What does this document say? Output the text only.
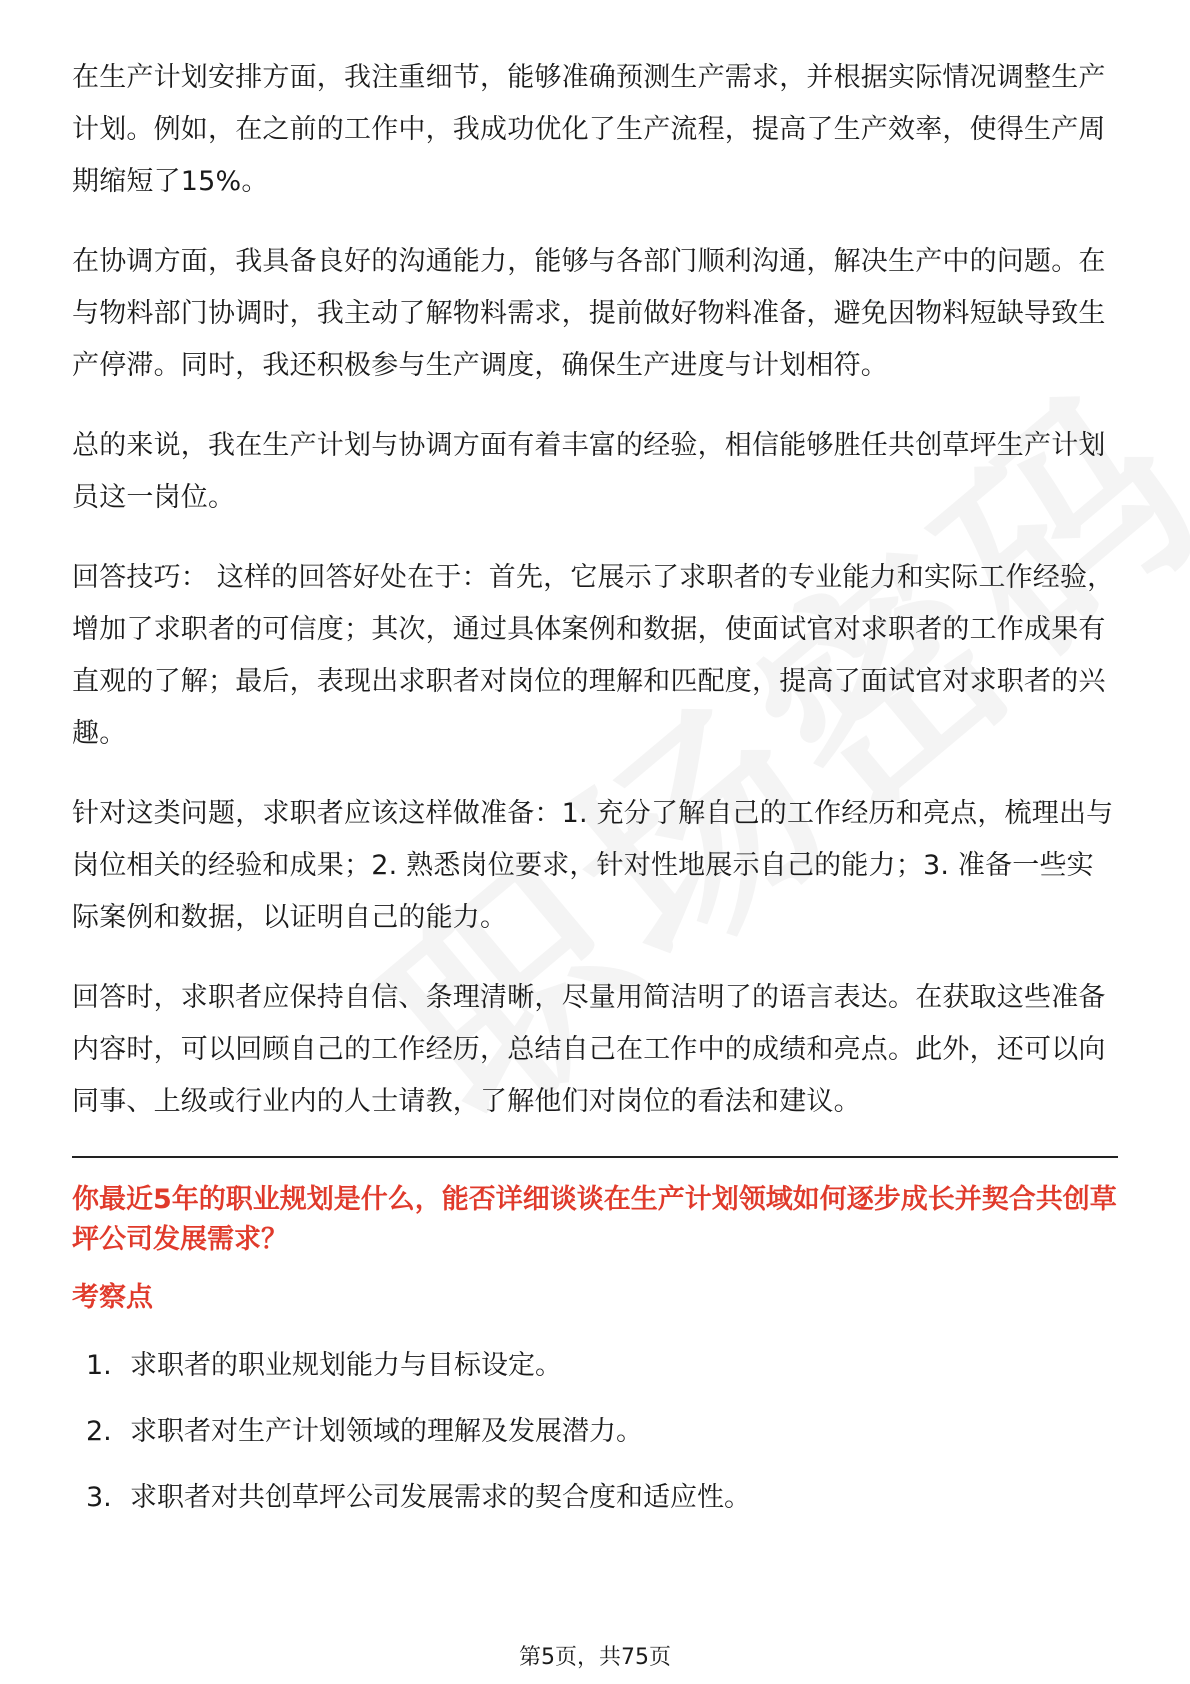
在生产计划安排方面，我注重细节，能够准确预测生产需求，并根据实际情况调整生产计划。例如，在之前的工作中，我成功优化了生产流程，提高了生产效率，使得生产周期缩短了15%。

在协调方面，我具备良好的沟通能力，能够与各部门顺利沟通，解决生产中的问题。在与物料部门协调时，我主动了解物料需求，提前做好物料准备，避免因物料短缺导致生产停滞。同时，我还积极参与生产调度，确保生产进度与计划相符。

总的来说，我在生产计划与协调方面有着丰富的经验，相信能够胜任共创草坪生产计划员这一岗位。

回答技巧： 这样的回答好处在于：首先，它展示了求职者的专业能力和实际工作经验，增加了求职者的可信度；其次，通过具体案例和数据，使面试官对求职者的工作成果有直观的了解；最后，表现出求职者对岗位的理解和匹配度，提高了面试官对求职者的兴趣。

针对这类问题，求职者应该这样做准备：1. 充分了解自己的工作经历和亮点，梳理出与岗位相关的经验和成果；2. 熟悉岗位要求，针对性地展示自己的能力；3. 准备一些实际案例和数据，以证明自己的能力。

回答时，求职者应保持自信、条理清晰，尽量用简洁明了的语言表达。在获取这些准备内容时，可以回顾自己的工作经历，总结自己在工作中的成绩和亮点。此外，还可以向同事、上级或行业内的人士请教，了解他们对岗位的看法和建议。

你最近5年的职业规划是什么，能否详细谈谈在生产计划领域如何逐步成长并契合共创草坪公司发展需求？

考察点

1. 求职者的职业规划能力与目标设定。
2. 求职者对生产计划领域的理解及发展潜力。
3. 求职者对共创草坪公司发展需求的契合度和适应性。
第5页，共75页
